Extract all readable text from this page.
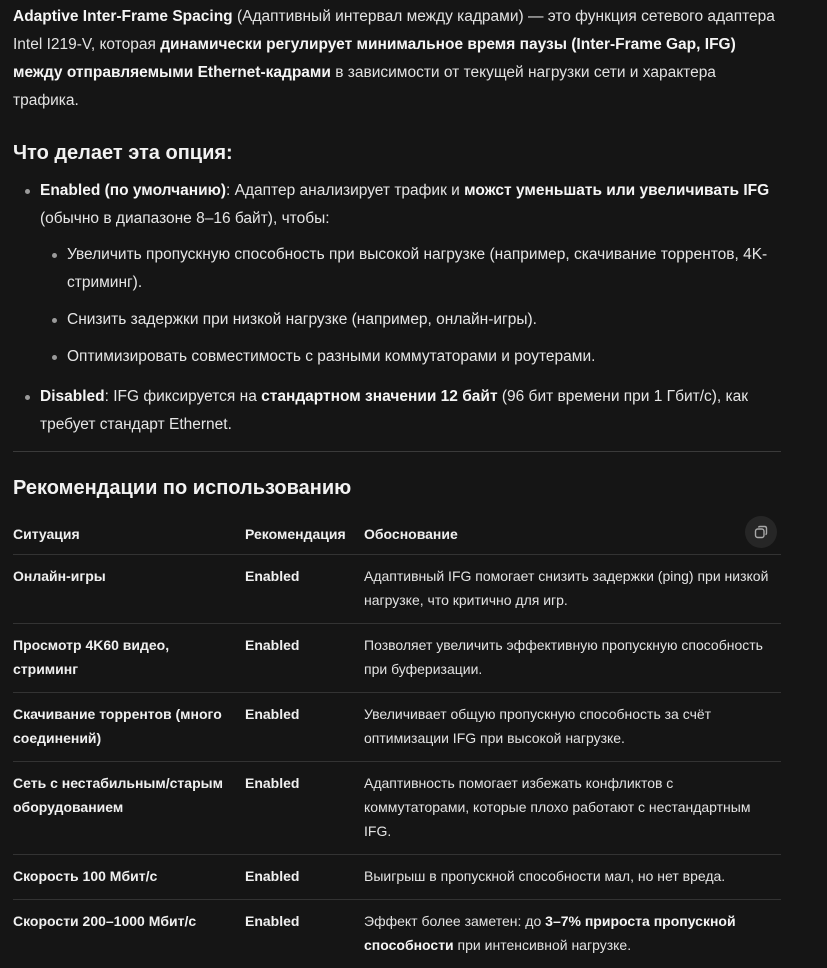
Adaptive Inter-Frame Spacing (Адаптивный интервал между кадрами) — это функция сетевого адаптера Intel I219-V, которая динамически регулирует минимальное время паузы (Inter-Frame Gap, IFG) между отправляемыми Ethernet-кадрами в зависимости от текущей нагрузки сети и характера трафика.

Что делает эта опция:
Enabled (по умолчанию): Адаптер анализирует трафик и можст уменьшать или увеличивать IFG (обычно в диапазоне 8–16 байт), чтобы:
Увеличить пропускную способность при высокой нагрузке (например, скачивание торрентов, 4K-стриминг).
Снизить задержки при низкой нагрузке (например, онлайн-игры).
Оптимизировать совместимость с разными коммутаторами и роутерами.
Disabled: IFG фиксируется на стандартном значении 12 байт (96 бит времени при 1 Гбит/с), как требует стандарт Ethernet.
Рекомендации по использованию
Ситуация	Рекомендация	Обоснование
Онлайн-игры	Enabled	Адаптивный IFG помогает снизить задержки (ping) при низкой нагрузке, что критично для игр.
Просмотр 4K60 видео, стриминг	Enabled	Позволяет увеличить эффективную пропускную способность при буферизации.
Скачивание торрентов (много соединений)	Enabled	Увеличивает общую пропускную способность за счёт оптимизации IFG при высокой нагрузке.
Сеть с нестабильным/старым оборудованием	Enabled	Адаптивность помогает избежать конфликтов с коммутаторами, которые плохо работают с нестандартным IFG.
Скорость 100 Мбит/с	Enabled	Выигрыш в пропускной способности мал, но нет вреда.
Скорости 200–1000 Мбит/с	Enabled	Эффект более заметен: до 3–7% прироста пропускной способности при интенсивной нагрузке.
